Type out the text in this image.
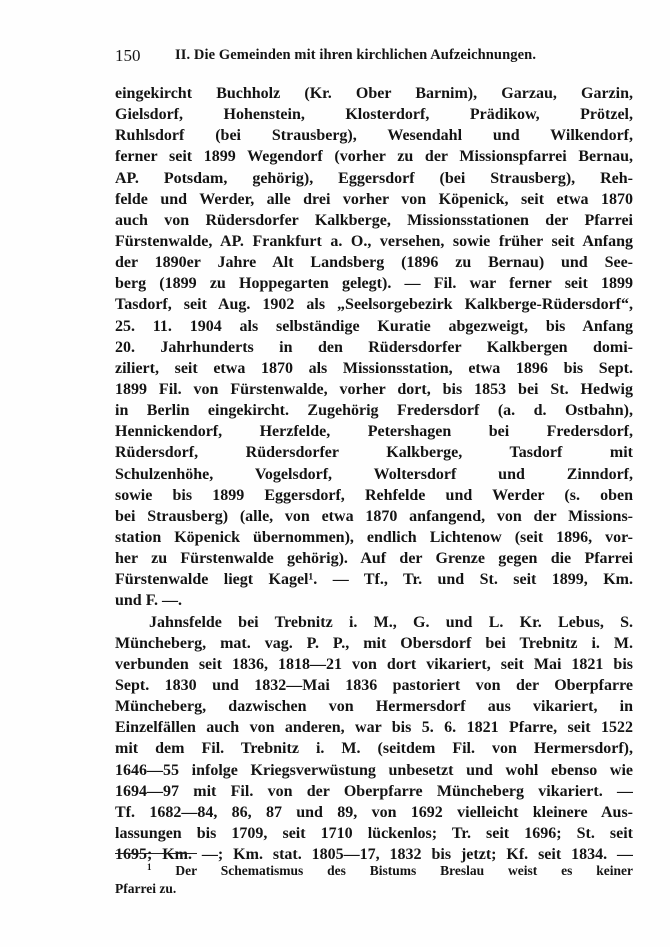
150 II. Die Gemeinden mit ihren kirchlichen Aufzeichnungen.
eingekircht Buchholz (Kr. Ober Barnim), Garzau, Garzin,
Gielsdorf, Hohenstein, Klosterdorf, Prädikow, Prötzel,
Ruhlsdorf (bei Strausberg), Wesendahl und Wilkendorf,
ferner seit 1899 Wegendorf (vorher zu der Missionspfarrei Bernau,
AP. Potsdam, gehörig), Eggersdorf (bei Strausberg), Reh-
felde und Werder, alle drei vorher von Köpenick, seit etwa 1870
auch von Rüdersdorfer Kalkberge, Missionsstationen der Pfarrei
Fürstenwalde, AP. Frankfurt a. O., versehen, sowie früher seit Anfang
der 1890er Jahre Alt Landsberg (1896 zu Bernau) und See-
berg (1899 zu Hoppegarten gelegt). — Fil. war ferner seit 1899
Tasdorf, seit Aug. 1902 als „Seelsorgebezirk Kalkberge-Rüdersdorf“,
25. 11. 1904 als selbständige Kuratie abgezweigt, bis Anfang
20. Jahrhunderts in den Rüdersdorfer Kalkbergen domi-
ziliert, seit etwa 1870 als Missionsstation, etwa 1896 bis Sept.
1899 Fil. von Fürstenwalde, vorher dort, bis 1853 bei St. Hedwig
in Berlin eingekircht. Zugehörig Fredersdorf (a. d. Ostbahn),
Hennickendorf, Herzfelde, Petershagen bei Fredersdorf,
Rüdersdorf, Rüdersdorfer Kalkberge, Tasdorf mit
Schulzenhöhe, Vogelsdorf, Woltersdorf und Zinndorf,
sowie bis 1899 Eggersdorf, Rehfelde und Werder (s. oben
bei Strausberg) (alle, von etwa 1870 anfangend, von der Missions-
station Köpenick übernommen), endlich Lichtenow (seit 1896, vor-
her zu Fürstenwalde gehörig). Auf der Grenze gegen die Pfarrei
Fürstenwalde liegt Kagel¹. — Tf., Tr. und St. seit 1899, Km.
und F. —.
Jahnsfelde bei Trebnitz i. M., G. und L. Kr. Lebus, S.
Müncheberg, mat. vag. P. P., mit Obersdorf bei Trebnitz i. M.
verbunden seit 1836, 1818—21 von dort vikariert, seit Mai 1821 bis
Sept. 1830 und 1832—Mai 1836 pastoriert von der Oberpfarre
Müncheberg, dazwischen von Hermersdorf aus vikariert, in
Einzelfällen auch von anderen, war bis 5. 6. 1821 Pfarre, seit 1522
mit dem Fil. Trebnitz i. M. (seitdem Fil. von Hermersdorf),
1646—55 infolge Kriegsverwüstung unbesetzt und wohl ebenso wie
1694—97 mit Fil. von der Oberpfarre Müncheberg vikariert. —
Tf. 1682—84, 86, 87 und 89, von 1692 vielleicht kleinere Aus-
lassungen bis 1709, seit 1710 lückenlos; Tr. seit 1696; St. seit
1695; Km. —; Km. stat. 1805—17, 1832 bis jetzt; Kf. seit 1834. —
$^1$ Der Schematismus des Bistums Breslau weist es keiner
Pfarrei zu.
